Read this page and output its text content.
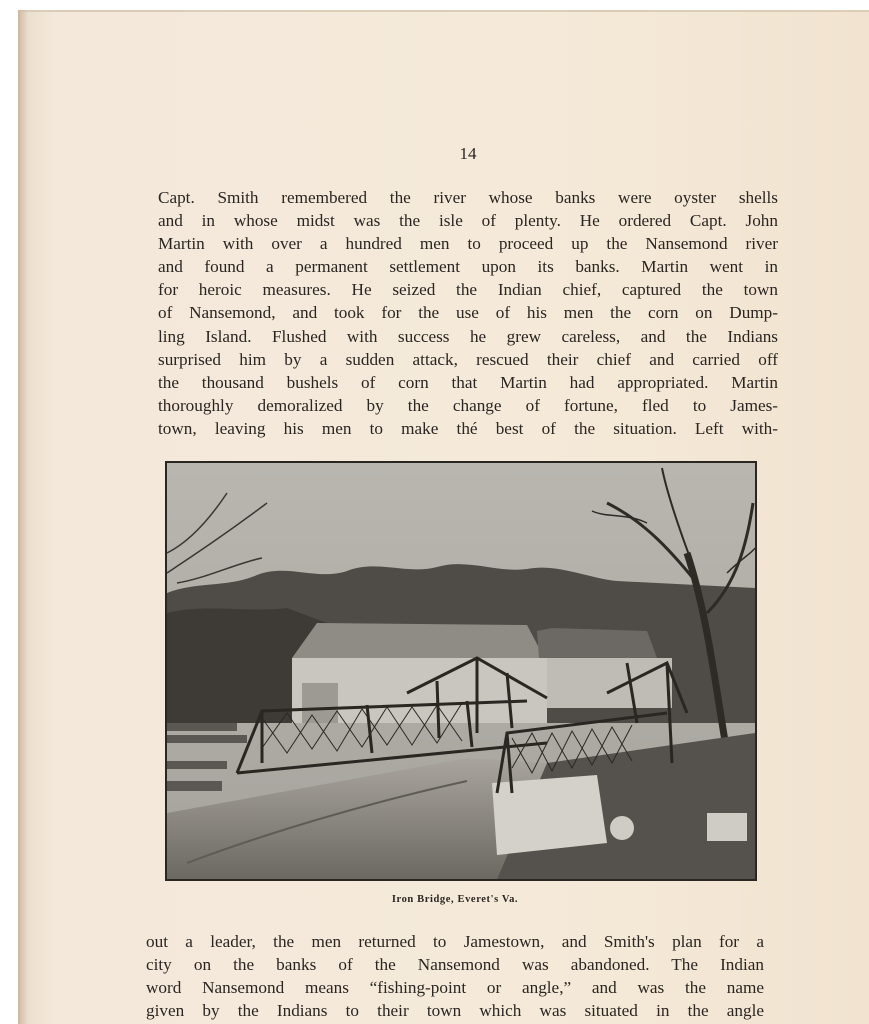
14
Capt. Smith remembered the river whose banks were oyster shells
and in whose midst was the isle of plenty. He ordered Capt. John
Martin with over a hundred men to proceed up the Nansemond river
and found a permanent settlement upon its banks. Martin went in
for heroic measures. He seized the Indian chief, captured the town
of Nansemond, and took for the use of his men the corn on Dump-
ling Island. Flushed with success he grew careless, and the Indians
surprised him by a sudden attack, rescued their chief and carried off
the thousand bushels of corn that Martin had appropriated. Martin
thoroughly demoralized by the change of fortune, fled to James-
town, leaving his men to make thé best of the situation. Left with-
Iron Bridge, Everet's Va.
out a leader, the men returned to Jamestown, and Smith's plan for a
city on the banks of the Nansemond was abandoned. The Indian
word Nansemond means “fishing-point or angle,” and was the name
given by the Indians to their town which was situated in the angle
